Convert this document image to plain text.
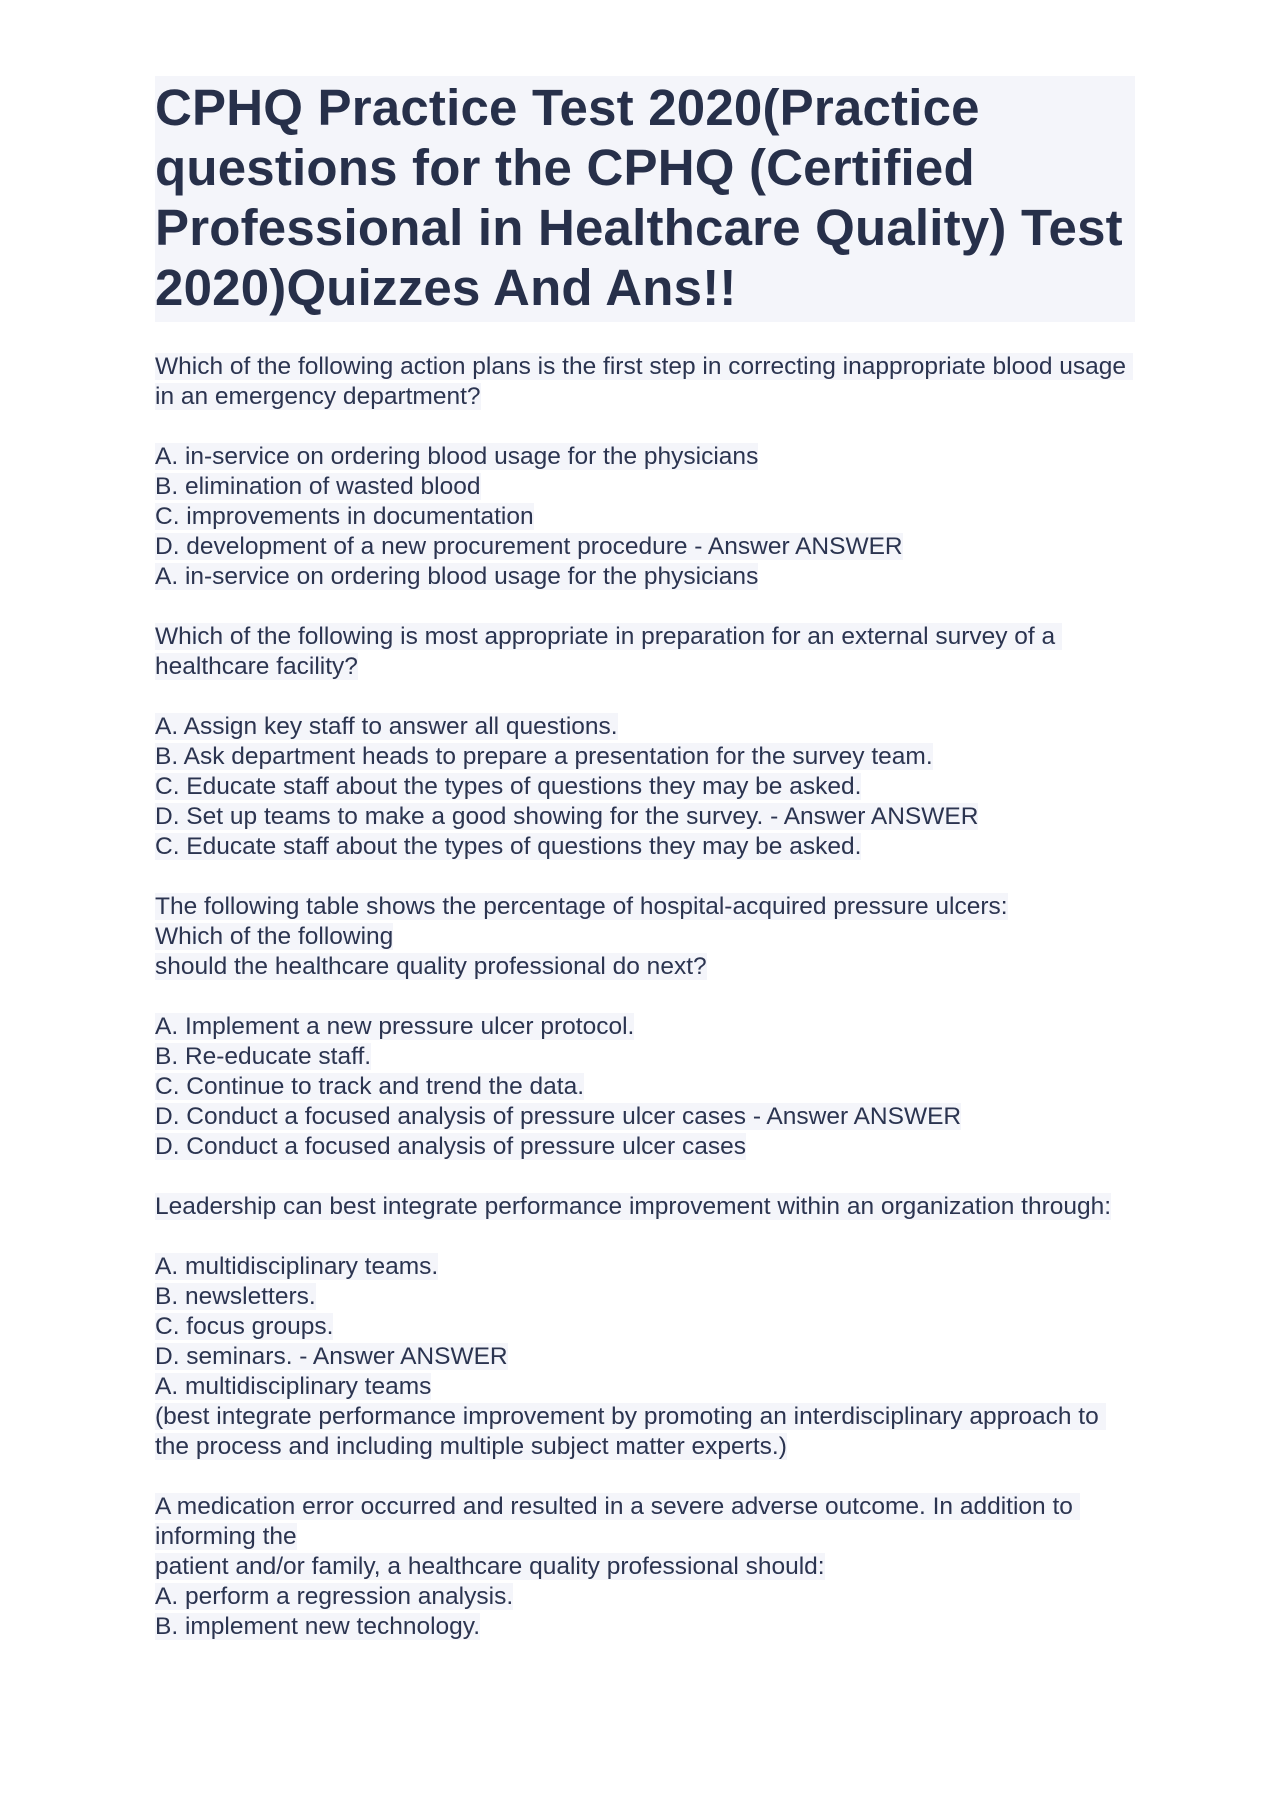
CPHQ Practice Test 2020(Practice questions for the CPHQ (Certified Professional in Healthcare Quality) Test 2020)Quizzes And Ans!!
Which of the following action plans is the first step in correcting inappropriate blood usage in an emergency department?
A. in-service on ordering blood usage for the physicians
B. elimination of wasted blood
C. improvements in documentation
D. development of a new procurement procedure - Answer ANSWER
A. in-service on ordering blood usage for the physicians
Which of the following is most appropriate in preparation for an external survey of a healthcare facility?
A. Assign key staff to answer all questions.
B. Ask department heads to prepare a presentation for the survey team.
C. Educate staff about the types of questions they may be asked.
D. Set up teams to make a good showing for the survey. - Answer ANSWER
C. Educate staff about the types of questions they may be asked.
The following table shows the percentage of hospital-acquired pressure ulcers:
Which of the following
should the healthcare quality professional do next?
A. Implement a new pressure ulcer protocol.
B. Re-educate staff.
C. Continue to track and trend the data.
D. Conduct a focused analysis of pressure ulcer cases - Answer ANSWER
D. Conduct a focused analysis of pressure ulcer cases
Leadership can best integrate performance improvement within an organization through:
A. multidisciplinary teams.
B. newsletters.
C. focus groups.
D. seminars. - Answer ANSWER
A. multidisciplinary teams
(best integrate performance improvement by promoting an interdisciplinary approach to the process and including multiple subject matter experts.)
A medication error occurred and resulted in a severe adverse outcome. In addition to informing the
patient and/or family, a healthcare quality professional should:
A. perform a regression analysis.
B. implement new technology.
